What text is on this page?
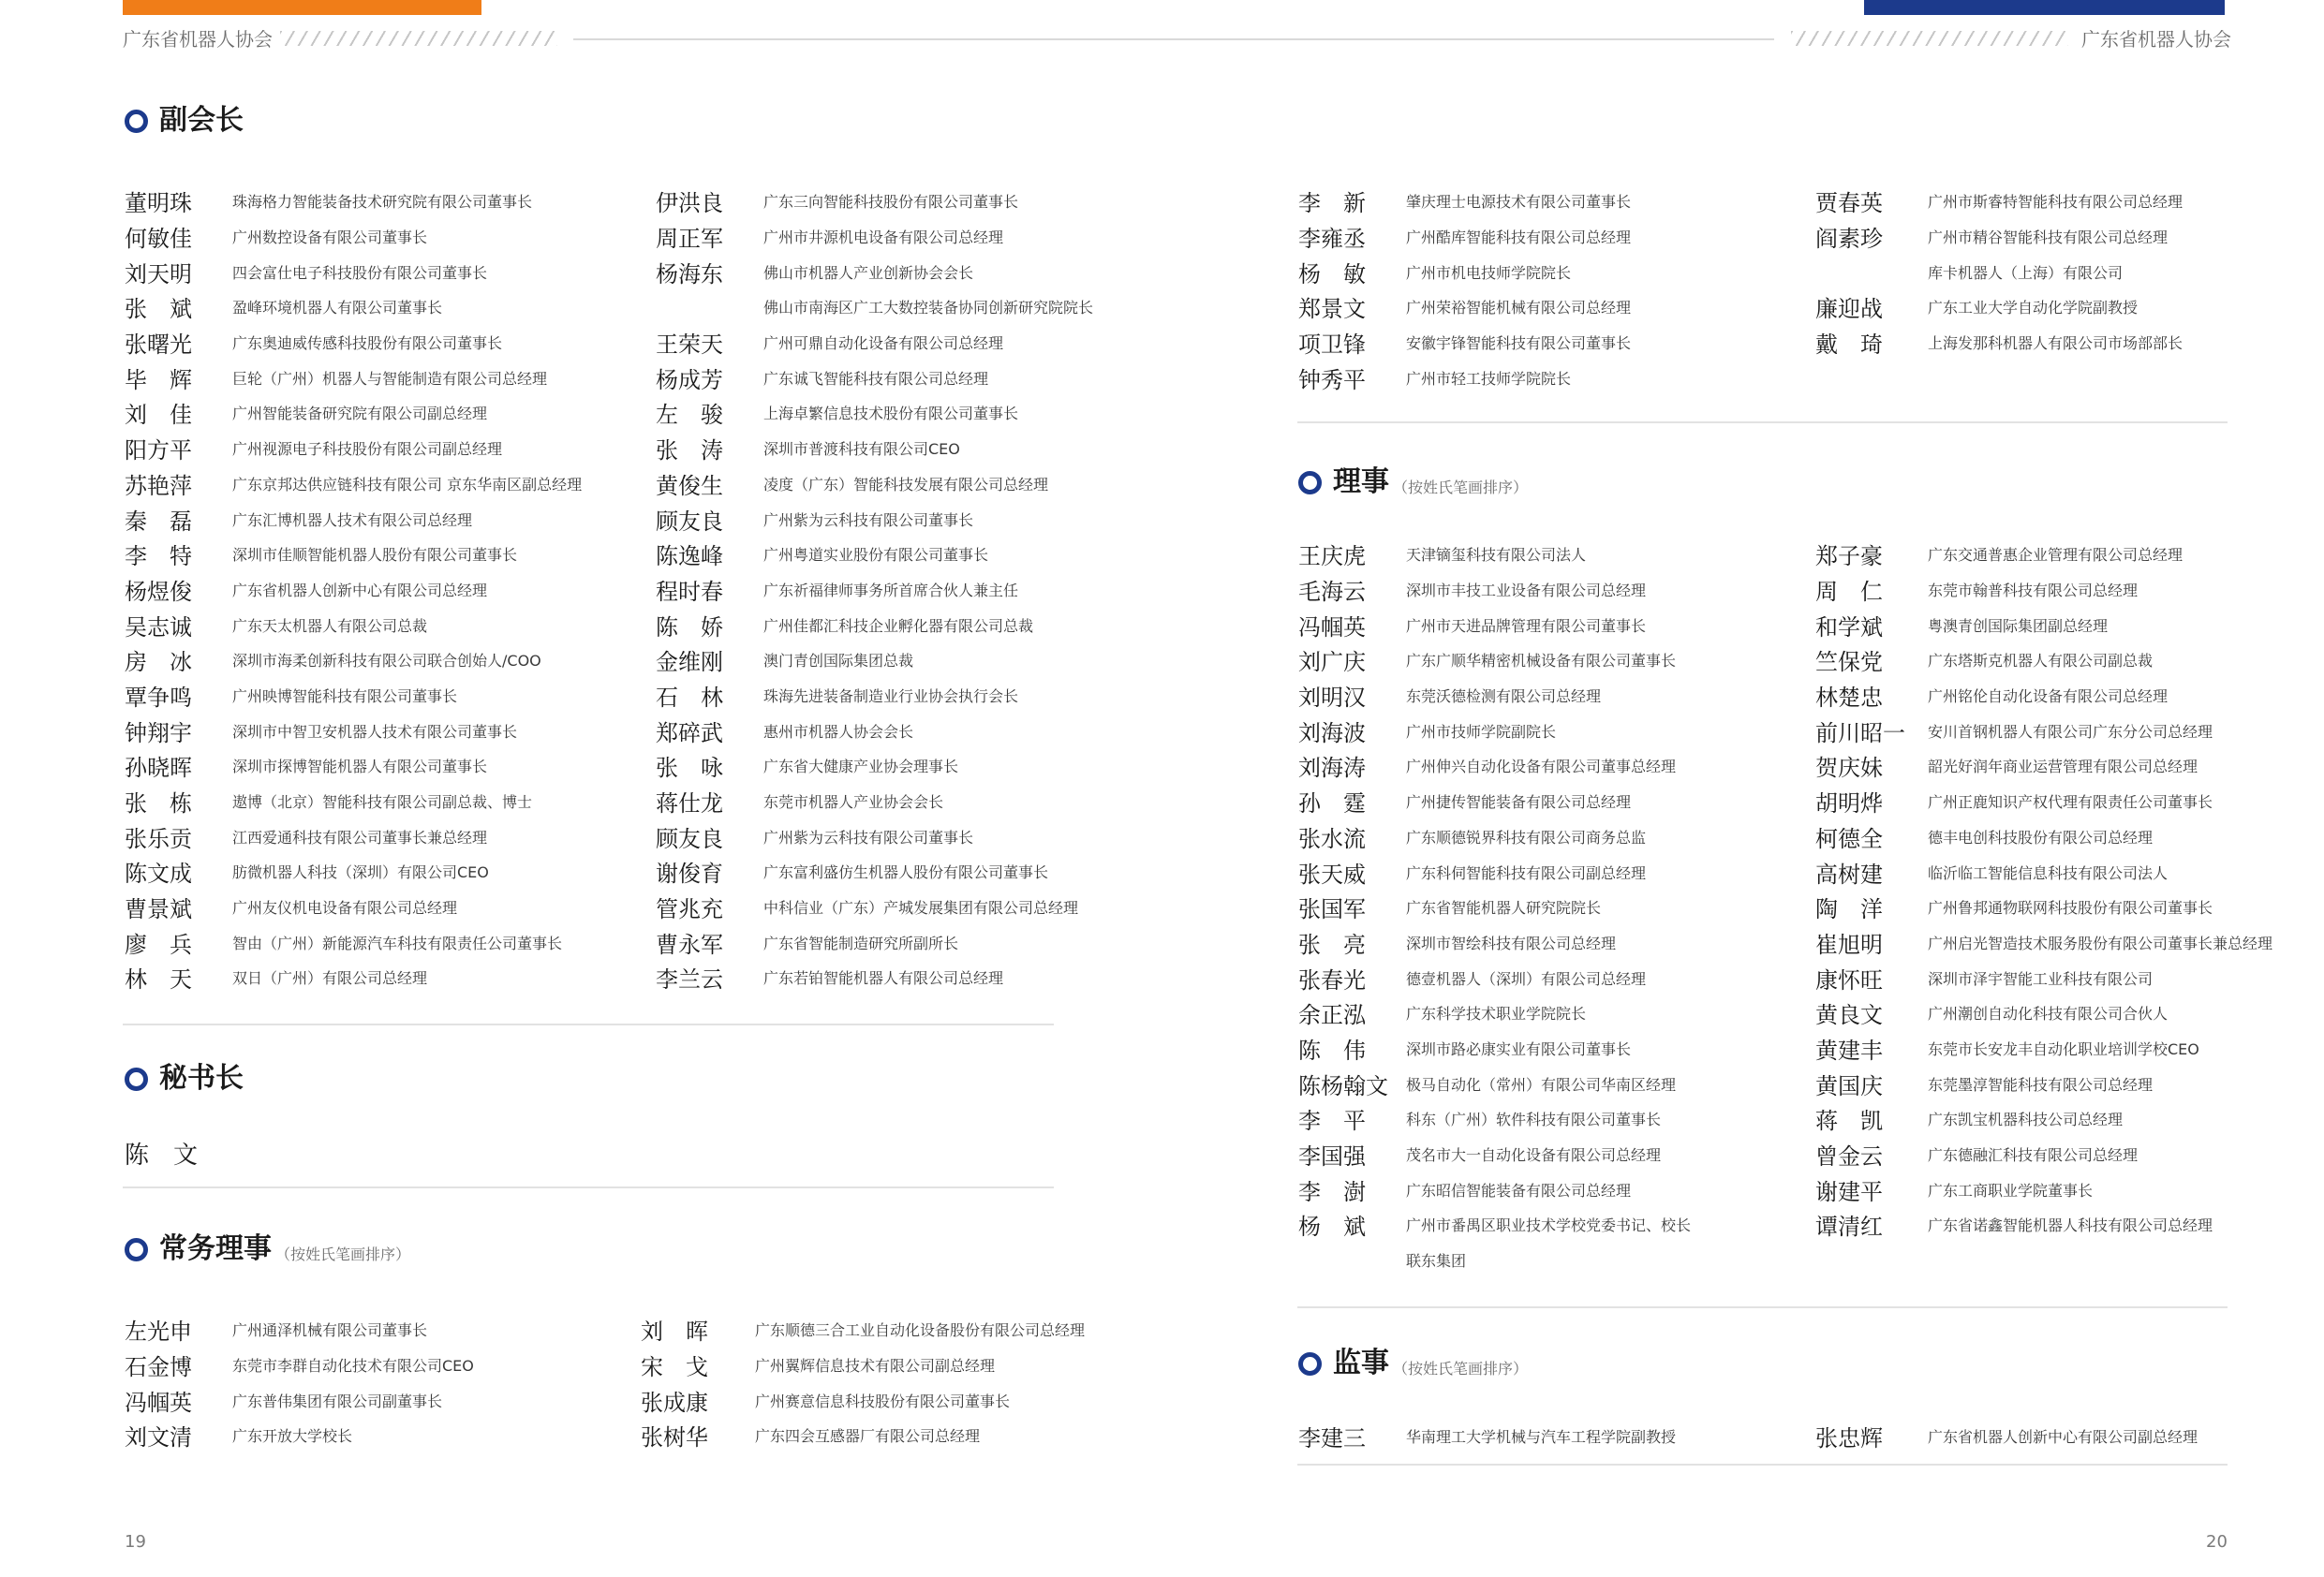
广东省机器人协会	广东省机器人协会
副会长
董明珠	珠海格力智能装备技术研究院有限公司董事长
何敏佳	广州数控设备有限公司董事长
刘天明	四会富仕电子科技股份有限公司董事长
张　斌	盈峰环境机器人有限公司董事长
张曙光	广东奥迪威传感科技股份有限公司董事长
毕　辉	巨轮（广州）机器人与智能制造有限公司总经理
刘　佳	广州智能装备研究院有限公司副总经理
阳方平	广州视源电子科技股份有限公司副总经理
苏艳萍	广东京邦达供应链科技有限公司 京东华南区副总经理
秦　磊	广东汇博机器人技术有限公司总经理
李　特	深圳市佳顺智能机器人股份有限公司董事长
杨煜俊	广东省机器人创新中心有限公司总经理
吴志诚	广东天太机器人有限公司总裁
房　冰	深圳市海柔创新科技有限公司联合创始人/COO
覃争鸣	广州映博智能科技有限公司董事长
钟翔宇	深圳市中智卫安机器人技术有限公司董事长
孙晓晖	深圳市探博智能机器人有限公司董事长
张　栋	遨博（北京）智能科技有限公司副总裁、博士
张乐贡	江西爱通科技有限公司董事长兼总经理
陈文成	肪微机器人科技（深圳）有限公司CEO
曹景斌	广州友仪机电设备有限公司总经理
廖　兵	智由（广州）新能源汽车科技有限责任公司董事长
林　天	双日（广州）有限公司总经理
伊洪良	广东三向智能科技股份有限公司董事长
周正军	广州市井源机电设备有限公司总经理
杨海东	佛山市机器人产业创新协会会长
佛山市南海区广工大数控装备协同创新研究院院长
王荣天	广州可鼎自动化设备有限公司总经理
杨成芳	广东诚飞智能科技有限公司总经理
左　骏	上海卓繁信息技术股份有限公司董事长
张　涛	深圳市普渡科技有限公司CEO
黄俊生	凌度（广东）智能科技发展有限公司总经理
顾友良	广州紫为云科技有限公司董事长
陈逸峰	广州粤道实业股份有限公司董事长
程时春	广东祈福律师事务所首席合伙人兼主任
陈　娇	广州佳都汇科技企业孵化器有限公司总裁
金维刚	澳门青创国际集团总裁
石　林	珠海先进装备制造业行业协会执行会长
郑碎武	惠州市机器人协会会长
张　咏	广东省大健康产业协会理事长
蒋仕龙	东莞市机器人产业协会会长
顾友良	广州紫为云科技有限公司董事长
谢俊育	广东富利盛仿生机器人股份有限公司董事长
管兆充	中科信业（广东）产城发展集团有限公司总经理
曹永军	广东省智能制造研究所副所长
李兰云	广东若铂智能机器人有限公司总经理
李　新	肇庆理士电源技术有限公司董事长
李雍丞	广州酷库智能科技有限公司总经理
杨　敏	广州市机电技师学院院长
郑景文	广州荣裕智能机械有限公司总经理
项卫锋	安徽宇锋智能科技有限公司董事长
钟秀平	广州市轻工技师学院院长
贾春英	广州市斯睿特智能科技有限公司总经理
阎素珍	广州市精谷智能科技有限公司总经理
库卡机器人（上海）有限公司
廉迎战	广东工业大学自动化学院副教授
戴　琦	上海发那科机器人有限公司市场部部长
秘书长
陈　文
常务理事 （按姓氏笔画排序）
左光申	广州通泽机械有限公司董事长
石金博	东莞市李群自动化技术有限公司CEO
冯帼英	广东普伟集团有限公司副董事长
刘文清	广东开放大学校长
刘　晖	广东顺德三合工业自动化设备股份有限公司总经理
宋　戈	广州翼辉信息技术有限公司副总经理
张成康	广州赛意信息科技股份有限公司董事长
张树华	广东四会互感器厂有限公司总经理
理事 （按姓氏笔画排序）
王庆虎	天津镝玺科技有限公司法人
毛海云	深圳市丰技工业设备有限公司总经理
冯帼英	广州市天进品牌管理有限公司董事长
刘广庆	广东广顺华精密机械设备有限公司董事长
刘明汉	东莞沃德检测有限公司总经理
刘海波	广州市技师学院副院长
刘海涛	广州伸兴自动化设备有限公司董事总经理
孙　霆	广州捷传智能装备有限公司总经理
张水流	广东顺德锐界科技有限公司商务总监
张天威	广东科伺智能科技有限公司副总经理
张国军	广东省智能机器人研究院院长
张　亮	深圳市智绘科技有限公司总经理
张春光	德壹机器人（深圳）有限公司总经理
余正泓	广东科学技术职业学院院长
陈　伟	深圳市路必康实业有限公司董事长
陈杨翰文	极马自动化（常州）有限公司华南区经理
李　平	科东（广州）软件科技有限公司董事长
李国强	茂名市大一自动化设备有限公司总经理
李　澍	广东昭信智能装备有限公司总经理
杨　斌	广州市番禺区职业技术学校党委书记、校长
联东集团
郑子豪	广东交通普惠企业管理有限公司总经理
周　仁	东莞市翰普科技有限公司总经理
和学斌	粤澳青创国际集团副总经理
竺保党	广东塔斯克机器人有限公司副总裁
林楚忠	广州铭伦自动化设备有限公司总经理
前川昭一	安川首钢机器人有限公司广东分公司总经理
贺庆妹	韶光好润年商业运营管理有限公司总经理
胡明烨	广州正鹿知识产权代理有限责任公司董事长
柯德全	德丰电创科技股份有限公司总经理
高树建	临沂临工智能信息科技有限公司法人
陶　洋	广州鲁邦通物联网科技股份有限公司董事长
崔旭明	广州启光智造技术服务股份有限公司董事长兼总经理
康怀旺	深圳市泽宇智能工业科技有限公司
黄良文	广州潮创自动化科技有限公司合伙人
黄建丰	东莞市长安龙丰自动化职业培训学校CEO
黄国庆	东莞墨淳智能科技有限公司总经理
蒋　凯	广东凯宝机器科技公司总经理
曾金云	广东德融汇科技有限公司总经理
谢建平	广东工商职业学院董事长
谭清红	广东省诺鑫智能机器人科技有限公司总经理
监事 （按姓氏笔画排序）
李建三	华南理工大学机械与汽车工程学院副教授	张忠辉	广东省机器人创新中心有限公司副总经理
19	20
